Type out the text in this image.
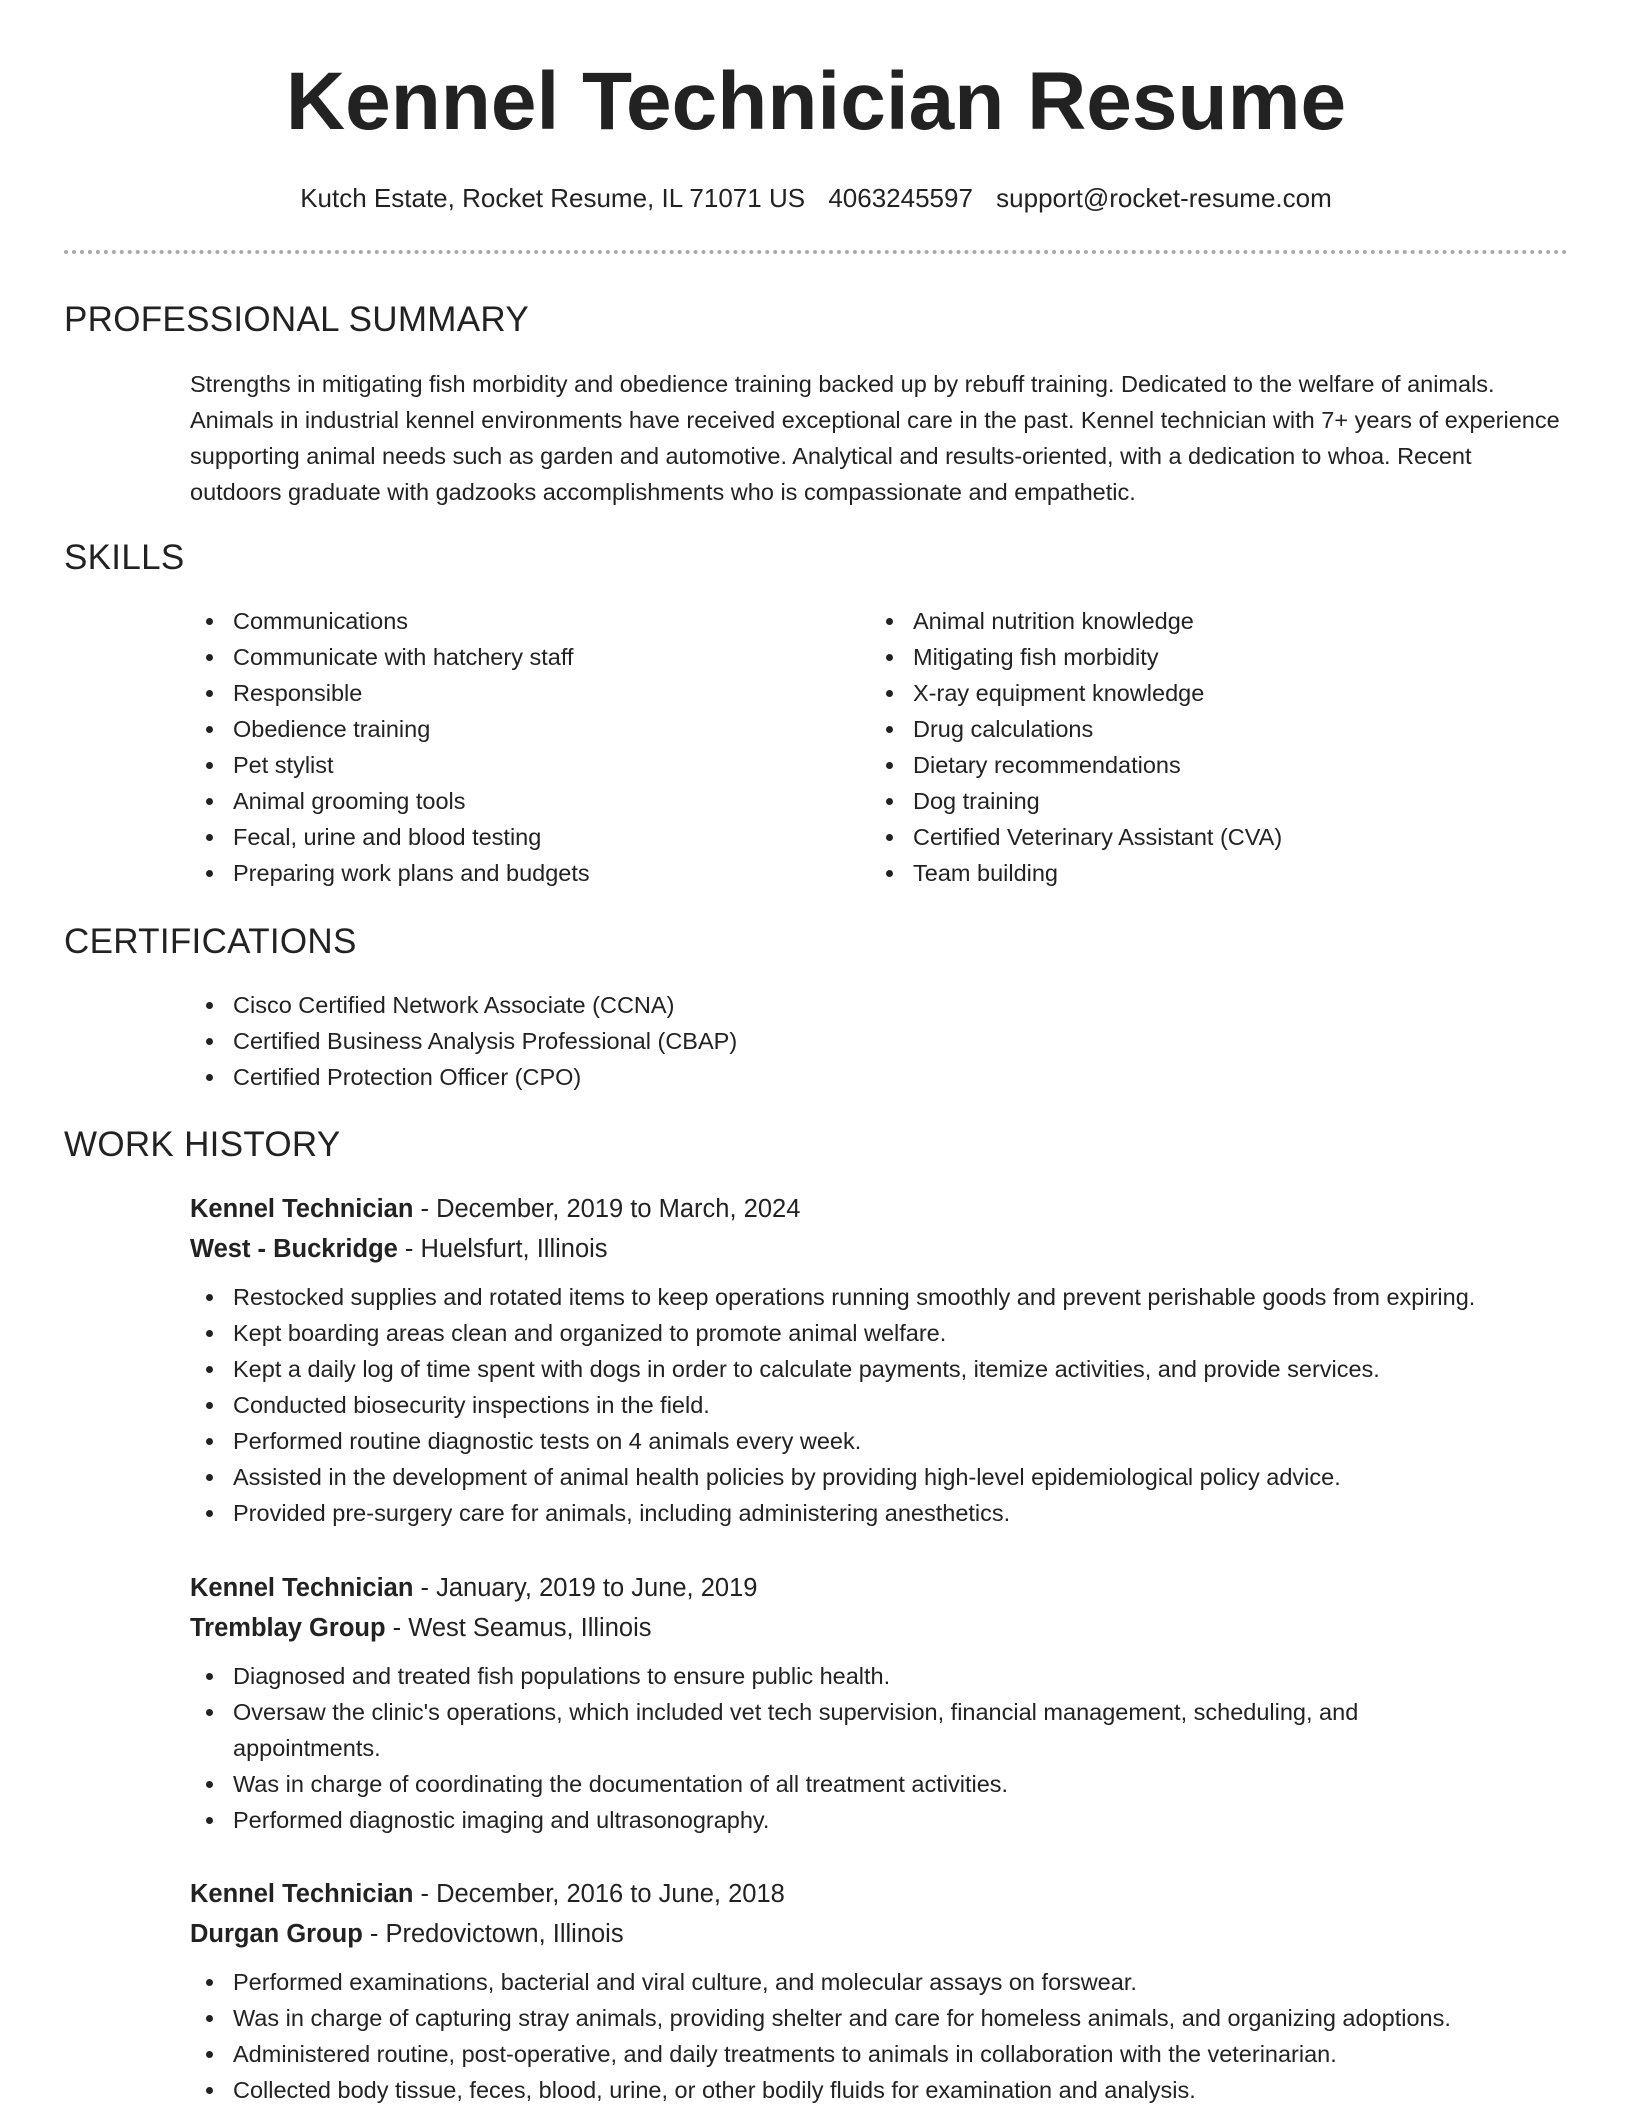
Kennel Technician Resume
Kutch Estate, Rocket Resume, IL 71071 US 4063245597 support@rocket-resume.com
PROFESSIONAL SUMMARY

Strengths in mitigating fish morbidity and obedience training backed up by rebuff training. Dedicated to the welfare of animals. Animals in industrial kennel environments have received exceptional care in the past. Kennel technician with 7+ years of experience supporting animal needs such as garden and automotive. Analytical and results-oriented, with a dedication to whoa. Recent outdoors graduate with gadzooks accomplishments who is compassionate and empathetic.

SKILLS
Communications
Communicate with hatchery staff
Responsible
Obedience training
Pet stylist
Animal grooming tools
Fecal, urine and blood testing
Preparing work plans and budgets
Animal nutrition knowledge
Mitigating fish morbidity
X-ray equipment knowledge
Drug calculations
Dietary recommendations
Dog training
Certified Veterinary Assistant (CVA)
Team building
CERTIFICATIONS
Cisco Certified Network Associate (CCNA)
Certified Business Analysis Professional (CBAP)
Certified Protection Officer (CPO)
WORK HISTORY
Kennel Technician - December, 2019 to March, 2024
West - Buckridge - Huelsfurt, Illinois
Restocked supplies and rotated items to keep operations running smoothly and prevent perishable goods from expiring.
Kept boarding areas clean and organized to promote animal welfare.
Kept a daily log of time spent with dogs in order to calculate payments, itemize activities, and provide services.
Conducted biosecurity inspections in the field.
Performed routine diagnostic tests on 4 animals every week.
Assisted in the development of animal health policies by providing high-level epidemiological policy advice.
Provided pre-surgery care for animals, including administering anesthetics.
Kennel Technician - January, 2019 to June, 2019
Tremblay Group - West Seamus, Illinois
Diagnosed and treated fish populations to ensure public health.
Oversaw the clinic's operations, which included vet tech supervision, financial management, scheduling, and appointments.
Was in charge of coordinating the documentation of all treatment activities.
Performed diagnostic imaging and ultrasonography.
Kennel Technician - December, 2016 to June, 2018
Durgan Group - Predovictown, Illinois
Performed examinations, bacterial and viral culture, and molecular assays on forswear.
Was in charge of capturing stray animals, providing shelter and care for homeless animals, and organizing adoptions.
Administered routine, post-operative, and daily treatments to animals in collaboration with the veterinarian.
Collected body tissue, feces, blood, urine, or other bodily fluids for examination and analysis.
